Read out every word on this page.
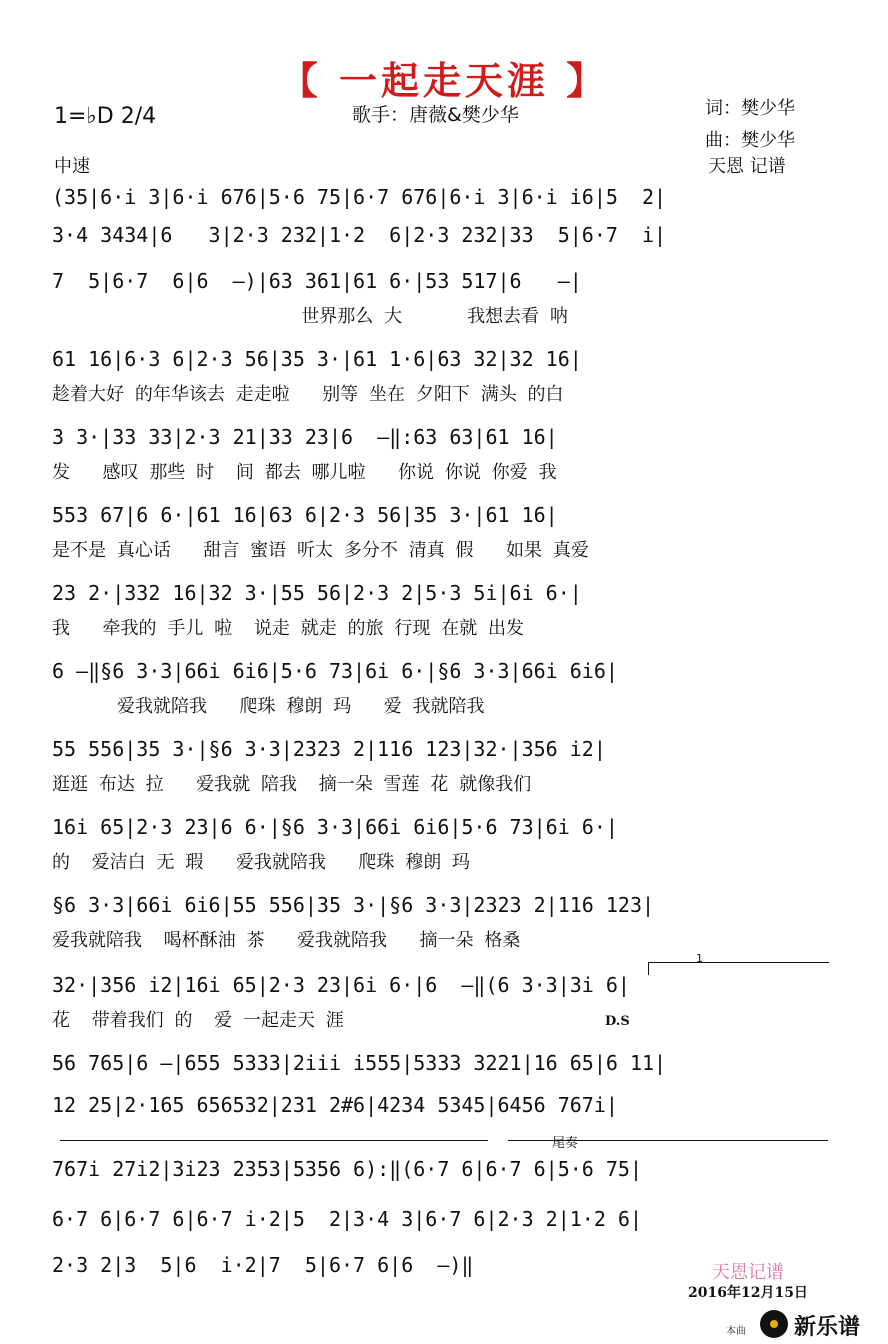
【 一起走天涯 】
1=♭D 2/4	歌手：唐薇&樊少华	词：樊少华
曲：樊少华
天恩 记谱
中速
(35|6·i 3|6·i 676|5·6 75|6·7 676|6·i 3|6·i i6|5  2|
3·4 3434|6   3|2·3 232|1·2  6|2·3 232|33  5|6·7  i|
7  5|6·7  6|6  –)|63 361|61 6·|53 517|6   –|
世界那么 大      我想去看 呐
61 16|6·3 6|2·3 56|35 3·|61 1·6|63 32|32 16|
趁着大好 的年华该去 走走啦   别等 坐在 夕阳下 满头 的白
3 3·|33 33|2·3 21|33 23|6  –‖:63 63|61 16|
发   感叹 那些 时  间 都去 哪儿啦   你说 你说 你爱 我
553 67|6 6·|61 16|63 6|2·3 56|35 3·|61 16|
是不是 真心话   甜言 蜜语 听太 多分不 清真 假   如果 真爱
23 2·|332 16|32 3·|55 56|2·3 2|5·3 5i|6i 6·|
我   牵我的 手儿 啦  说走 就走 的旅 行现 在就 出发
6 –‖§6 3·3|66i 6i6|5·6 73|6i 6·|§6 3·3|66i 6i6|
爱我就陪我   爬珠 穆朗 玛   爱 我就陪我
55 556|35 3·|§6 3·3|2323 2|116 123|32·|356 i2|
逛逛 布达 拉   爱我就 陪我  摘一朵 雪莲 花 就像我们
16i 65|2·3 23|6 6·|§6 3·3|66i 6i6|5·6 73|6i 6·|
的  爱洁白 无 瑕   爱我就陪我   爬珠 穆朗 玛
§6 3·3|66i 6i6|55 556|35 3·|§6 3·3|2323 2|116 123|
爱我就陪我  喝杯酥油 茶   爱我就陪我   摘一朵 格桑
32·|356 i2|16i 65|2·3 23|6i 6·|6  –‖(6 3·3|3i 6|
花  带着我们 的  爱 一起走天 涯
56 765|6 –|655 5333|2iii i555|5333 3221|16 65|6 11|
12 25|2·165 656532|231 2#6|4234 5345|6456 767i|
767i 27i2|3i23 2353|5356 6):‖(6·7 6|6·7 6|5·6 75|
6·7 6|6·7 6|6·7 i·2|5  2|3·4 3|6·7 6|2·3 2|1·2 6|
2·3 2|3  5|6  i·2|7  5|6·7 6|6  –)‖
1
D.S
尾奏
天恩记谱
2016年12月15日
本曲 新乐谱
